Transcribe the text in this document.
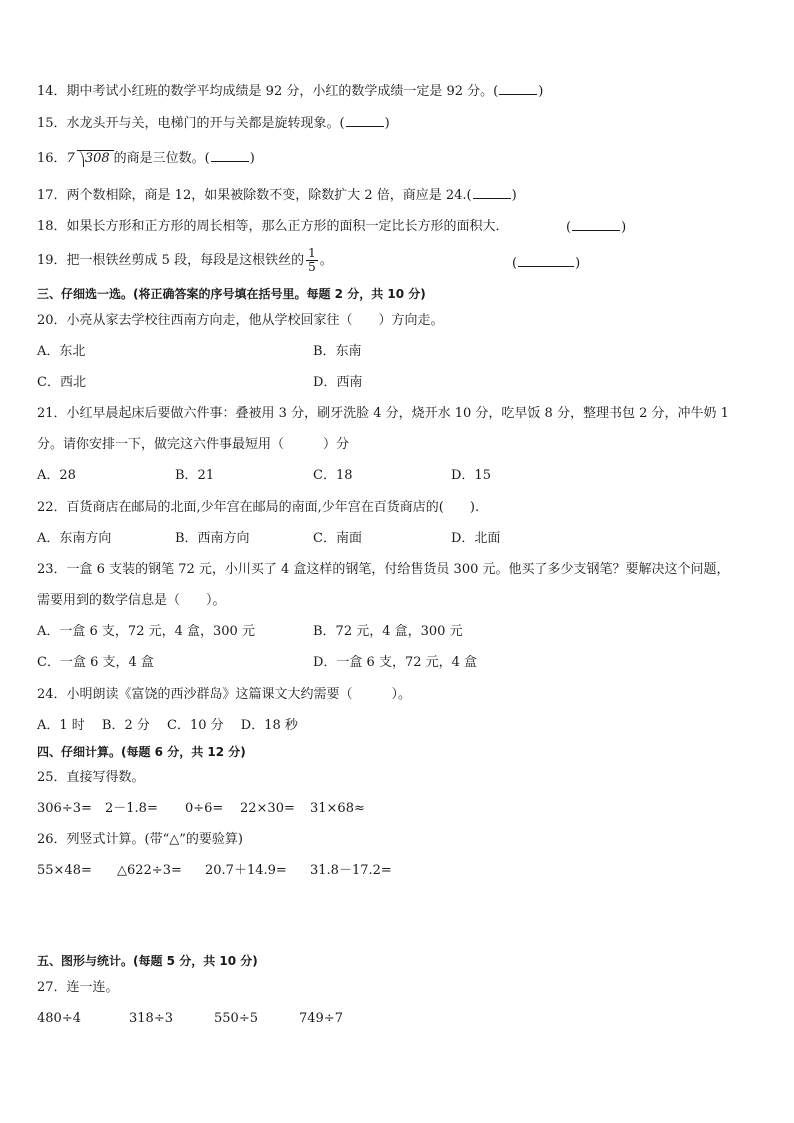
14．期中考试小红班的数学平均成绩是 92 分，小红的数学成绩一定是 92 分。(	)
15．水龙头开与关，电梯门的开与关都是旋转现象。(	)
16．7 308 的商是三位数。(	)
17．两个数相除，商是 12，如果被除数不变，除数扩大 2 倍，商应是 24.(	)
18．如果长方形和正方形的周长相等，那么正方形的面积一定比长方形的面积大．	(	)
19．把一根铁丝剪成 5 段，每段是这根铁丝的 $\frac{1}{5}$ 。	(	)
三、仔细选一选。(将正确答案的序号填在括号里。每题 2 分，共 10 分)
20．小亮从家去学校往西南方向走，他从学校回家往（　　）方向走。
A．东北	B．东南
C．西北	D．西南
21．小红早晨起床后要做六件事：叠被用 3 分，刷牙洗脸 4 分，烧开水 10 分，吃早饭 8 分，整理书包 2 分，冲牛奶 1
分。请你安排一下，做完这六件事最短用（　　　）分
A．28	B．21	C．18	D．15
22．百货商店在邮局的北面,少年宫在邮局的南面,少年宫在百货商店的(　　).
A．东南方向	B．西南方向	C．南面	D．北面
23．一盒 6 支装的钢笔 72 元，小川买了 4 盒这样的钢笔，付给售货员 300 元。他买了多少支钢笔？要解决这个问题，
需要用到的数学信息是（　　）。
A．一盒 6 支，72 元，4 盒，300 元	B．72 元，4 盒，300 元
C．一盒 6 支，4 盒	D．一盒 6 支，72 元，4 盒
24．小明朗读《富饶的西沙群岛》这篇课文大约需要（　　　）。
A．1 时　 B．2 分　 C．10 分　 D．18 秒
四、仔细计算。(每题 6 分，共 12 分)
25．直接写得数。
306÷3= 2－1.8= 0÷6= 22×30= 31×68≈
26．列竖式计算。(带“△”的要验算)
55×48= △622÷3= 20.7＋14.9= 31.8－17.2=
五、图形与统计。(每题 5 分，共 10 分)
27．连一连。
480÷4	318÷3	550÷5	749÷7
